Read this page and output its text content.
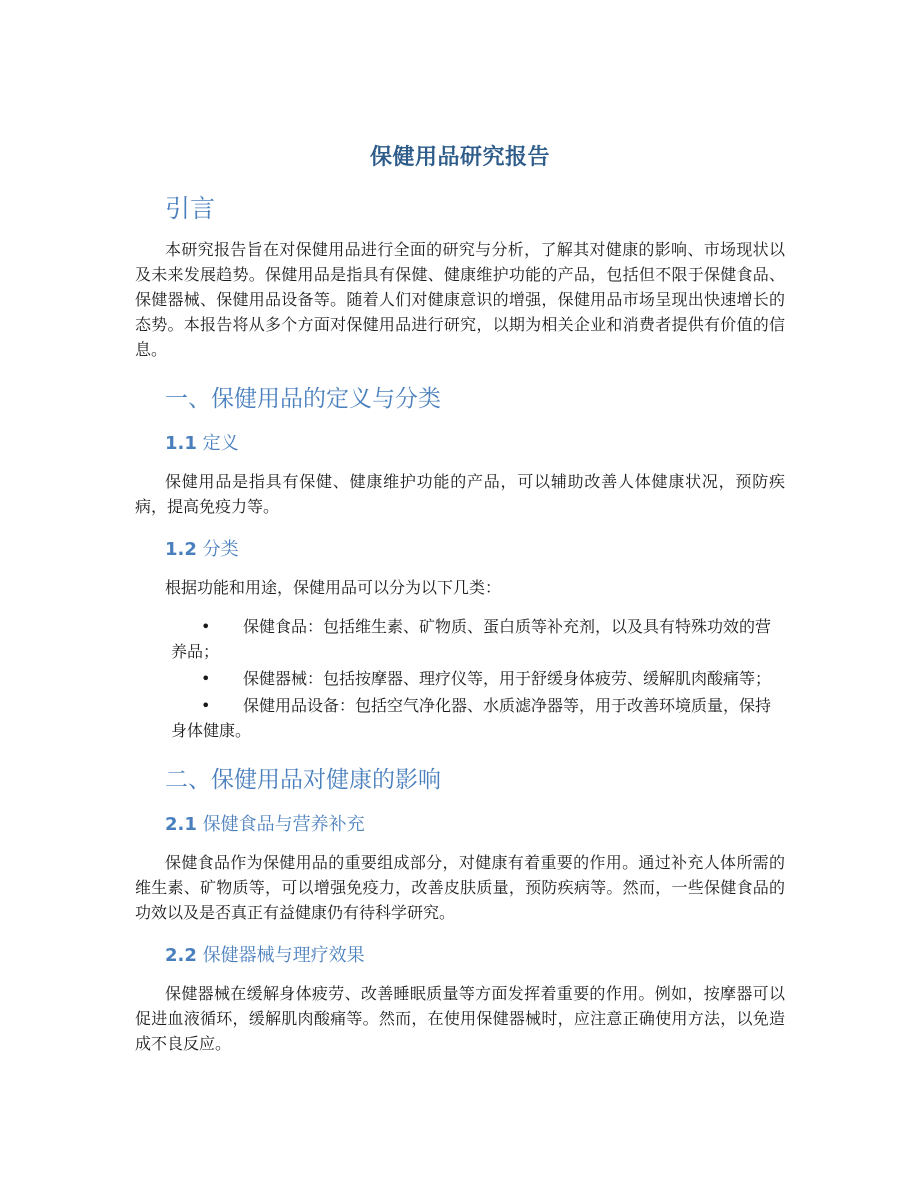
保健用品研究报告
引言

本研究报告旨在对保健用品进行全面的研究与分析，了解其对健康的影响、市场现状以及未来发展趋势。保健用品是指具有保健、健康维护功能的产品，包括但不限于保健食品、保健器械、保健用品设备等。随着人们对健康意识的增强，保健用品市场呈现出快速增长的态势。本报告将从多个方面对保健用品进行研究，以期为相关企业和消费者提供有价值的信息。

一、保健用品的定义与分类
1.1 定义

保健用品是指具有保健、健康维护功能的产品，可以辅助改善人体健康状况，预防疾病，提高免疫力等。

1.2 分类

根据功能和用途，保健用品可以分为以下几类：

• 保健食品：包括维生素、矿物质、蛋白质等补充剂，以及具有特殊功效的营养品；
• 保健器械：包括按摩器、理疗仪等，用于舒缓身体疲劳、缓解肌肉酸痛等；
• 保健用品设备：包括空气净化器、水质滤净器等，用于改善环境质量，保持身体健康。
二、保健用品对健康的影响
2.1 保健食品与营养补充

保健食品作为保健用品的重要组成部分，对健康有着重要的作用。通过补充人体所需的维生素、矿物质等，可以增强免疫力，改善皮肤质量，预防疾病等。然而，一些保健食品的功效以及是否真正有益健康仍有待科学研究。

2.2 保健器械与理疗效果

保健器械在缓解身体疲劳、改善睡眠质量等方面发挥着重要的作用。例如，按摩器可以促进血液循环，缓解肌肉酸痛等。然而，在使用保健器械时，应注意正确使用方法，以免造成不良反应。
